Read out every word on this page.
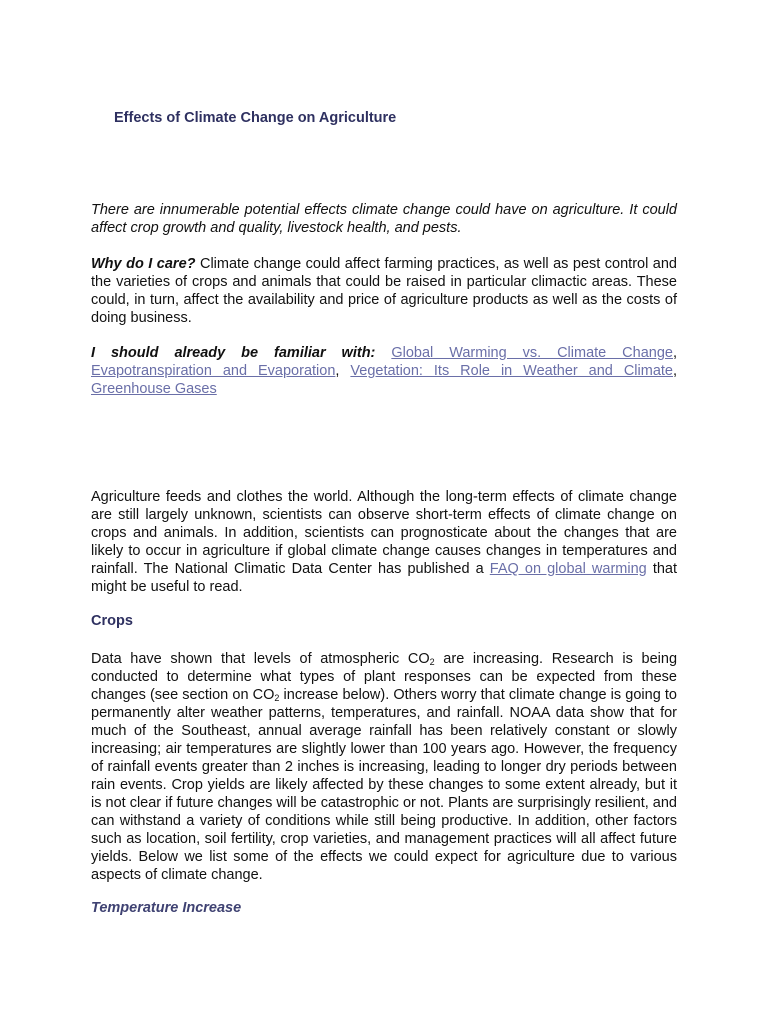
Effects of Climate Change on Agriculture

There are innumerable potential effects climate change could have on agriculture. It could affect crop growth and quality, livestock health, and pests.

Why do I care? Climate change could affect farming practices, as well as pest control and the varieties of crops and animals that could be raised in particular climactic areas. These could, in turn, affect the availability and price of agriculture products as well as the costs of doing business.

I should already be familiar with: Global Warming vs. Climate Change, Evapotranspiration and Evaporation, Vegetation: Its Role in Weather and Climate, Greenhouse Gases

Agriculture feeds and clothes the world. Although the long-term effects of climate change are still largely unknown, scientists can observe short-term effects of climate change on crops and animals. In addition, scientists can prognosticate about the changes that are likely to occur in agriculture if global climate change causes changes in temperatures and rainfall. The National Climatic Data Center has published a FAQ on global warming that might be useful to read.

Crops

Data have shown that levels of atmospheric $CO_2$ are increasing. Research is being conducted to determine what types of plant responses can be expected from these changes (see section on $CO_2$ increase below). Others worry that climate change is going to permanently alter weather patterns, temperatures, and rainfall. NOAA data show that for much of the Southeast, annual average rainfall has been relatively constant or slowly increasing; air temperatures are slightly lower than 100 years ago. However, the frequency of rainfall events greater than 2 inches is increasing, leading to longer dry periods between rain events. Crop yields are likely affected by these changes to some extent already, but it is not clear if future changes will be catastrophic or not. Plants are surprisingly resilient, and can withstand a variety of conditions while still being productive. In addition, other factors such as location, soil fertility, crop varieties, and management practices will all affect future yields. Below we list some of the effects we could expect for agriculture due to various aspects of climate change.

Temperature Increase
